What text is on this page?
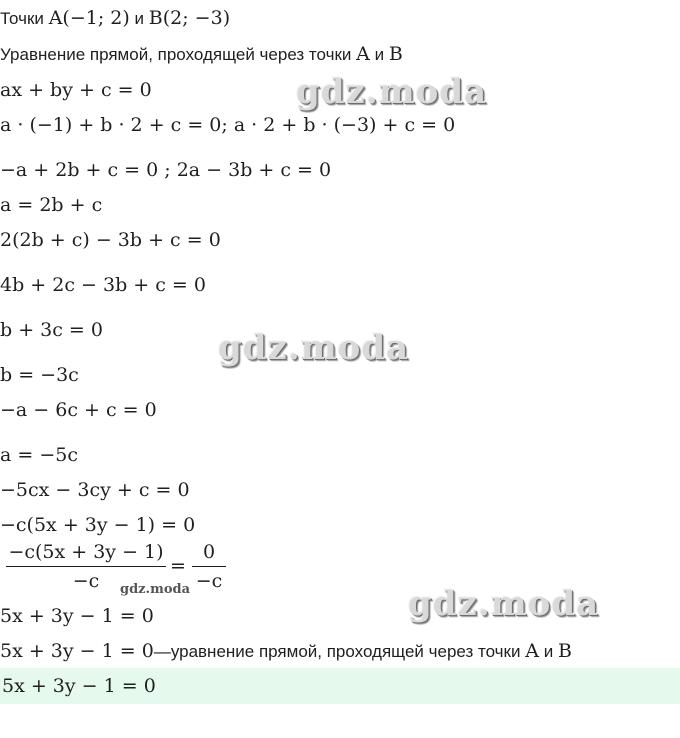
Точки A(−1; 2) и B(2; −3)
Уравнение прямой, проходящей через точки A и B
ax + by + c = 0
a · (−1) + b · 2 + c = 0; a · 2 + b · (−3) + c = 0
−a + 2b + c = 0 ; 2a − 3b + c = 0
a = 2b + c
2(2b + c) − 3b + c = 0
4b + 2c − 3b + c = 0
b + 3c = 0
b = −3c
−a − 6c + c = 0
a = −5c
−5cx − 3cy + c = 0
−c(5x + 3y − 1) = 0
−c(5x + 3y − 1)
−c
=
0
−c
5x + 3y − 1 = 0
5x + 3y − 1 = 0—уравнение прямой, проходящей через точки A и B
5x + 3y − 1 = 0
gdz.moda
gdz.moda
gdz.moda
gdz.moda
